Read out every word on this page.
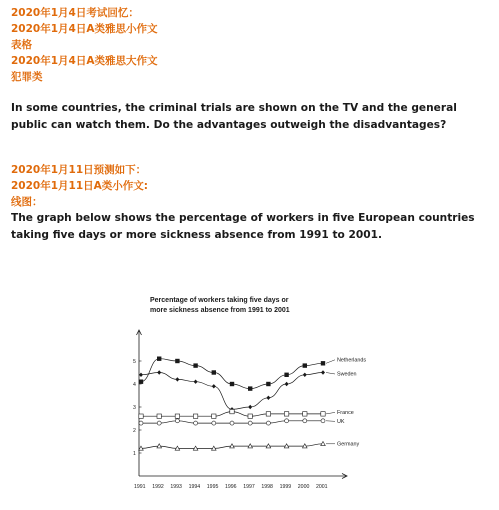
2020年1月4日考试回忆：
2020年1月4日A类雅思小作文
表格
2020年1月4日A类雅思大作文
犯罪类

In some countries, the criminal trials are shown on the TV and the general public can watch them. Do the advantages outweigh the disadvantages?

2020年1月11日预测如下：
2020年1月11日A类小作文:
线图：

The graph below shows the percentage of workers in five European countries taking five days or more sickness absence from 1991 to 2001.

Percentage of workers taking five days or
more sickness absence from 1991 to 2001
1
2
3
4
5
1991 1992 1993 1994 1995 1996 1997 1998 1999 2000 2001
Netherlands
Sweden
France
UK
Germany
